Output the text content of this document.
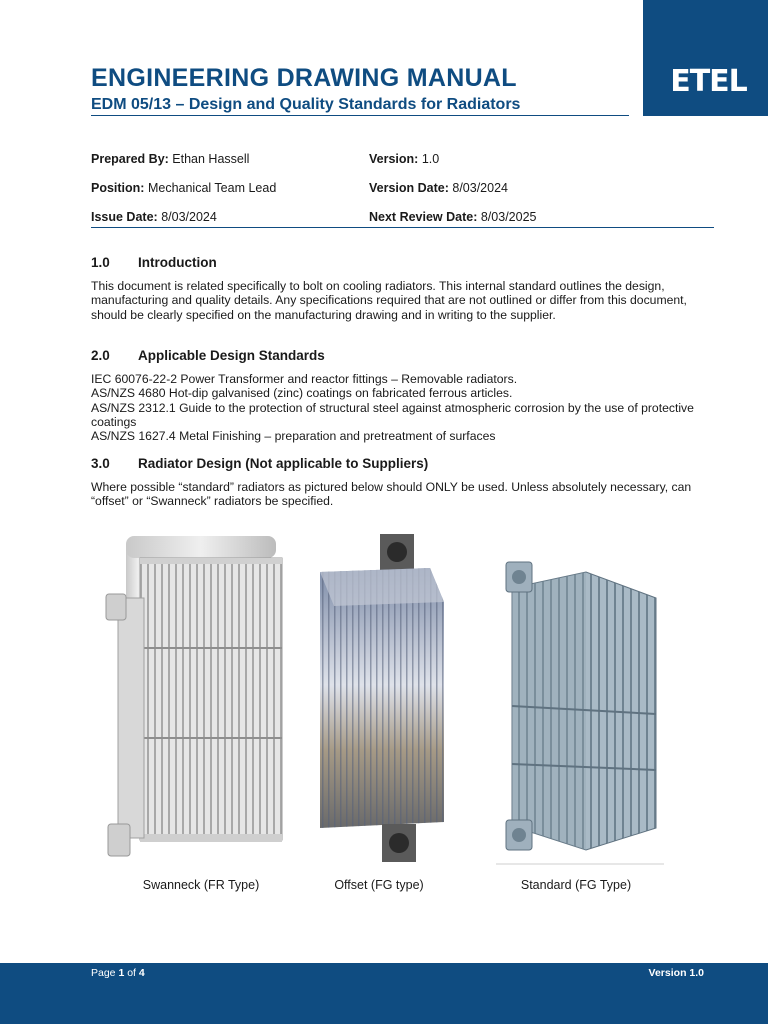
ETEL
ENGINEERING DRAWING MANUAL
EDM 05/13 – Design and Quality Standards for Radiators
Prepared By: Ethan Hassell	Version: 1.0
Position: Mechanical Team Lead	Version Date: 8/03/2024
Issue Date: 8/03/2024	Next Review Date: 8/03/2025
1.0 Introduction

This document is related specifically to bolt on cooling radiators. This internal standard outlines the design, manufacturing and quality details. Any specifications required that are not outlined or differ from this document, should be clearly specified on the manufacturing drawing and in writing to the supplier.

2.0 Applicable Design Standards
IEC 60076-22-2 Power Transformer and reactor fittings – Removable radiators.
AS/NZS 4680 Hot-dip galvanised (zinc) coatings on fabricated ferrous articles.
AS/NZS 2312.1 Guide to the protection of structural steel against atmospheric corrosion by the use of protective coatings
AS/NZS 1627.4 Metal Finishing – preparation and pretreatment of surfaces
3.0 Radiator Design (Not applicable to Suppliers)

Where possible “standard” radiators as pictured below should ONLY be used. Unless absolutely necessary, can “offset” or “Swanneck” radiators be specified.

Swanneck (FR Type)	Offset (FG type)	Standard (FG Type)
Page 1 of 4	Version 1.0
